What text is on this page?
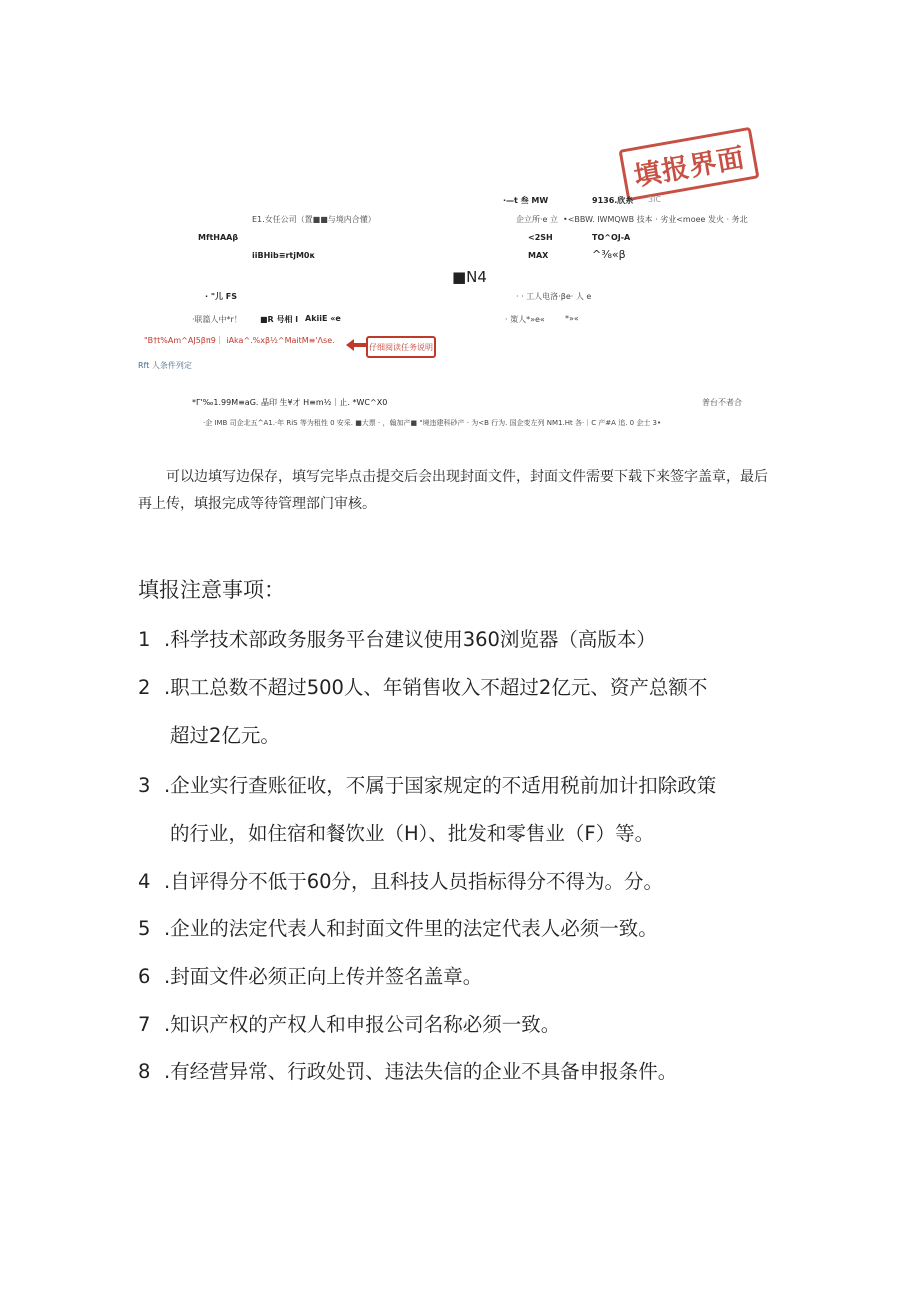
填报界面
·—t 叁 MW	9136.欣糸 3IC
E1.女任公司（置■■与境内合懂）	企立所·e 立 •<BBW. IWMQWB 技本 · 劣业<moee 发火 · 务北
MftHAAβ	<2SH	TO^OJ-A
iiBHib≡rtjM0κ	MAX	^⅜«β
■N4
· "儿 FS	· · 工人电洛·βe· 人 e
·联篇人中*r！ ■R 号相 l AkiiE «e	· 策人*»e«	*»«
"B†t%Am^AJ5βπ9｜ iAka^.%xβ½^MaitM≡'Λse.
仔细阅读任务说明
Rft 人条件列定
*Γ'‰1.99M≡aG. 晶印 生¥才 H≡m½｜止. *WC^X0	普台不者合
·企 IMB 司企北五^A1.·年 RiS 等为租性 0 安采. ■大票 · ，翰加产■ "境违建科砂产 · 为<B 行为. 国企变左列 NM1.Ht 各·｜C 产#A 追. 0 企士 3•
可以边填写边保存，填写完毕点击提交后会出现封面文件，封面文件需要下载下来签字盖章，最后再上传，填报完成等待管理部门审核。
填报注意事项：
1 .科学技术部政务服务平台建议使用360浏览器（高版本）
2 .职工总数不超过500人、年销售收入不超过2亿元、资产总额不
超过2亿元。
3 .企业实行查账征收，不属于国家规定的不适用税前加计扣除政策
的行业，如住宿和餐饮业（H）、批发和零售业（F）等。
4 .自评得分不低于60分，且科技人员指标得分不得为。分。
5 .企业的法定代表人和封面文件里的法定代表人必须一致。
6 .封面文件必须正向上传并签名盖章。
7 .知识产权的产权人和申报公司名称必须一致。
8 .有经营异常、行政处罚、违法失信的企业不具备申报条件。
